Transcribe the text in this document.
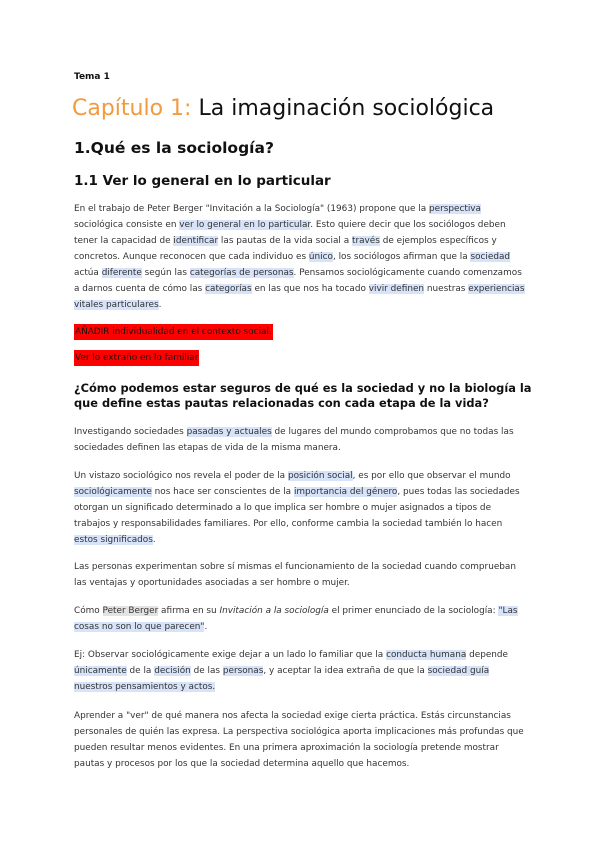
Tema 1
Capítulo 1: La imaginación sociológica
1.Qué es la sociología?
1.1 Ver lo general en lo particular

En el trabajo de Peter Berger "Invitación a la Sociología" (1963) propone que la perspectiva sociológica consiste en ver lo general en lo particular. Esto quiere decir que los sociólogos deben tener la capacidad de identificar las pautas de la vida social a través de ejemplos específicos y concretos. Aunque reconocen que cada individuo es único, los sociólogos afirman que la sociedad actúa diferente según las categorías de personas. Pensamos sociológicamente cuando comenzamos a darnos cuenta de cómo las categorías en las que nos ha tocado vivir definen nuestras experiencias vitales particulares.

AÑADIR individualidad en el contexto social.

Ver lo extraño en lo familiar

¿Cómo podemos estar seguros de qué es la sociedad y no la biología la que define estas pautas relacionadas con cada etapa de la vida?

Investigando sociedades pasadas y actuales de lugares del mundo comprobamos que no todas las sociedades definen las etapas de vida de la misma manera.

Un vistazo sociológico nos revela el poder de la posición social, es por ello que observar el mundo sociológicamente nos hace ser conscientes de la importancia del género, pues todas las sociedades otorgan un significado determinado a lo que implica ser hombre o mujer asignados a tipos de trabajos y responsabilidades familiares. Por ello, conforme cambia la sociedad también lo hacen estos significados.

Las personas experimentan sobre sí mismas el funcionamiento de la sociedad cuando comprueban las ventajas y oportunidades asociadas a ser hombre o mujer.

Cómo Peter Berger afirma en su Invitación a la sociología el primer enunciado de la sociología: "Las cosas no son lo que parecen".

Ej: Observar sociológicamente exige dejar a un lado lo familiar que la conducta humana depende únicamente de la decisión de las personas, y aceptar la idea extraña de que la sociedad guía nuestros pensamientos y actos.

Aprender a "ver" de qué manera nos afecta la sociedad exige cierta práctica. Estás circunstancias personales de quién las expresa. La perspectiva sociológica aporta implicaciones más profundas que pueden resultar menos evidentes. En una primera aproximación la sociología pretende mostrar pautas y procesos por los que la sociedad determina aquello que hacemos.
